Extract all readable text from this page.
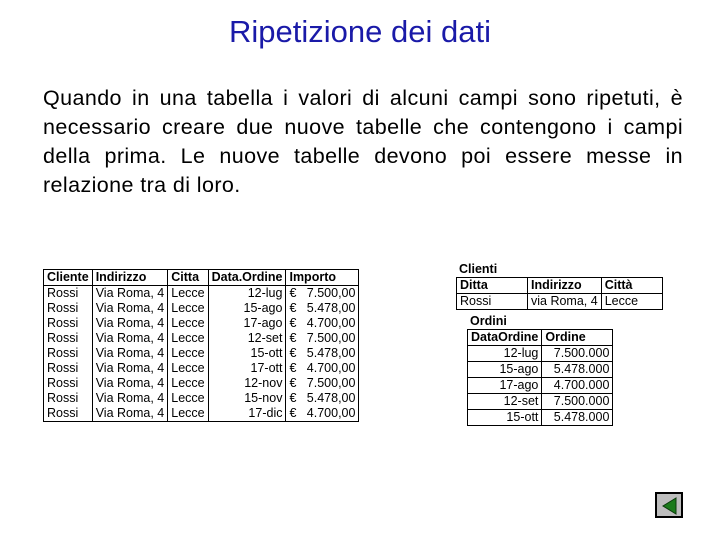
Ripetizione dei dati
Quando in una tabella i valori di alcuni campi sono ripetuti, è necessario creare due nuove tabelle che contengono i campi della prima. Le nuove tabelle devono poi essere messe in relazione tra di loro.
Cliente	Indirizzo	Citta	Data.Ordine	Importo
Rossi	Via Roma, 4	Lecce	12-lug	€ 7.500,00
Rossi	Via Roma, 4	Lecce	15-ago	€ 5.478,00
Rossi	Via Roma, 4	Lecce	17-ago	€ 4.700,00
Rossi	Via Roma, 4	Lecce	12-set	€ 7.500,00
Rossi	Via Roma, 4	Lecce	15-ott	€ 5.478,00
Rossi	Via Roma, 4	Lecce	17-ott	€ 4.700,00
Rossi	Via Roma, 4	Lecce	12-nov	€ 7.500,00
Rossi	Via Roma, 4	Lecce	15-nov	€ 5.478,00
Rossi	Via Roma, 4	Lecce	17-dic	€ 4.700,00
Clienti
Ditta	Indirizzo	Città
Rossi	via Roma, 4	Lecce
Ordini
DataOrdine	Ordine
12-lug	7.500.000
15-ago	5.478.000
17-ago	4.700.000
12-set	7.500.000
15-ott	5.478.000
